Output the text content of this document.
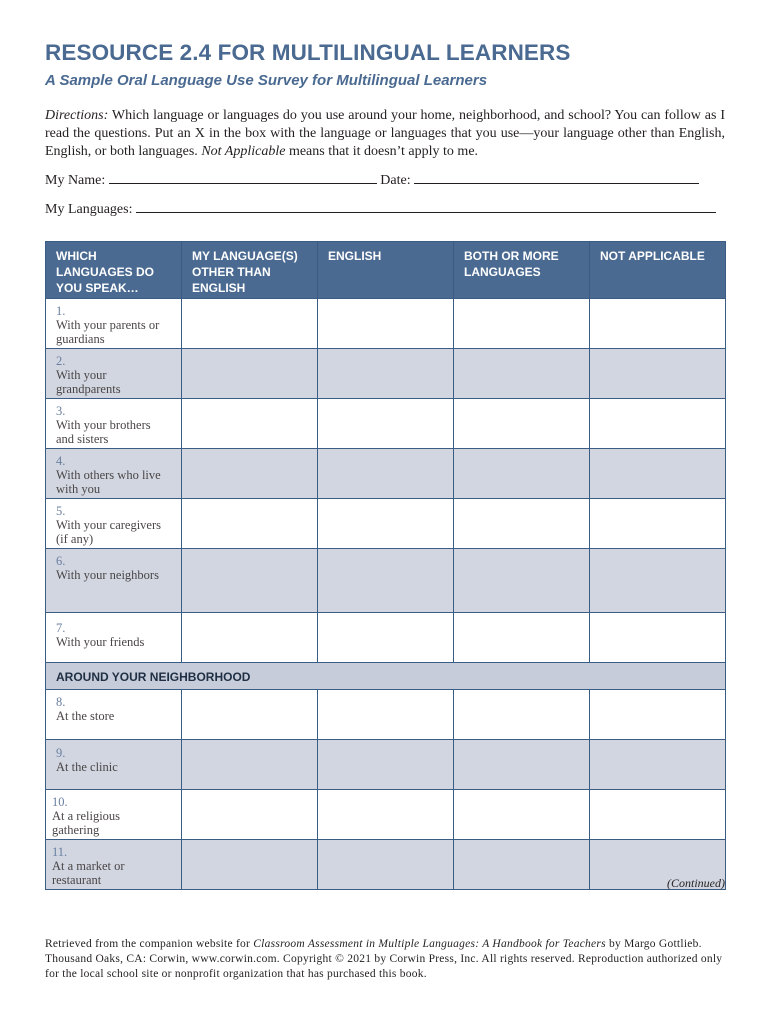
RESOURCE 2.4 FOR MULTILINGUAL LEARNERS
A Sample Oral Language Use Survey for Multilingual Learners
Directions: Which language or languages do you use around your home, neighborhood, and school? You can follow as I read the questions. Put an X in the box with the language or languages that you use—your language other than English, English, or both languages. Not Applicable means that it doesn’t apply to me.
My Name:	Date:
My Languages:
WHICH LANGUAGES DO YOU SPEAK…	MY LANGUAGE(S) OTHER THAN ENGLISH	ENGLISH	BOTH OR MORE LANGUAGES	NOT APPLICABLE
1.With your parents or guardians				
2.With your grandparents				
3.With your brothers and sisters				
4.With others who live with you				
5.With your caregivers (if any)				
6.With your neighbors				
7.With your friends				
AROUND YOUR NEIGHBORHOOD				
8.At the store				
9.At the clinic				
10.At a religious gathering				
11.At a market or restaurant					(Continued)
Retrieved from the companion website for Classroom Assessment in Multiple Languages: A Handbook for Teachers by Margo Gottlieb. Thousand Oaks, CA: Corwin, www.corwin.com. Copyright © 2021 by Corwin Press, Inc. All rights reserved. Reproduction authorized only for the local school site or nonprofit organization that has purchased this book.
